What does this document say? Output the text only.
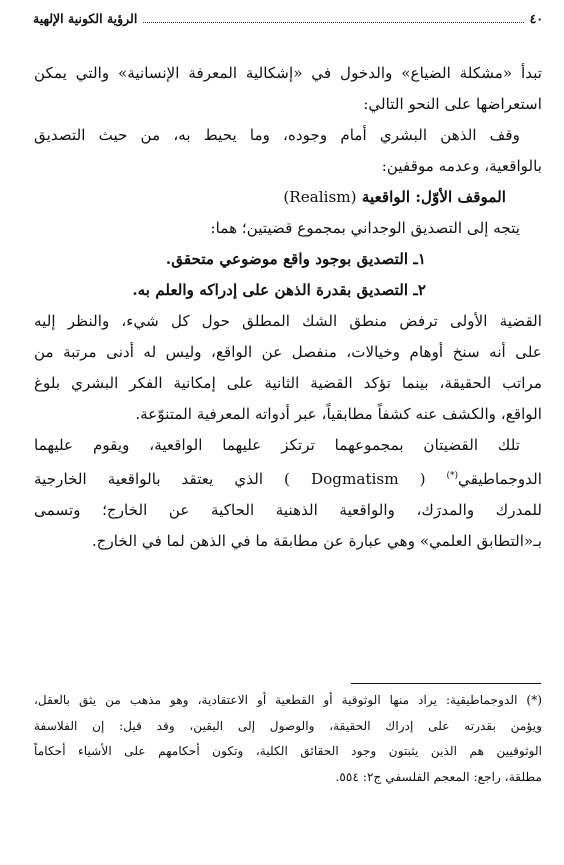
٤٠
الرؤية الكونية الإلهية

تبدأ «مشكلة الضياع» والدخول في «إشكالية المعرفة الإنسانية» والتي يمكن

استعراضها على النحو التالي:

وقف الذهن البشري أمام وجوده، وما يحيط به، من حيث التصديق

بالواقعية، وعدمه موقفين:

الموقف الأوّل: الواقعية (Realism)

يتجه إلى التصديق الوجداني بمجموع قضيتين؛ هما:

١ـ التصديق بوجود واقع موضوعي متحقق.

٢ـ التصديق بقدرة الذهن على إدراكه والعلم به.

القضية الأولى ترفض منطق الشك المطلق حول كل شيء، والنظر إليه

على أنه سنخ أوهام وخيالات، منفصل عن الواقع، وليس له أدنى مرتبة من

مراتب الحقيقة، بينما تؤكد القضية الثانية على إمكانية الفكر البشري بلوغ

الواقع، والكشف عنه كشفاً مطابقياً، عبر أدواته المعرفية المتنوّعة.

تلك القضيتان بمجموعهما ترتكز عليهما الواقعية، ويقوم عليهما

الدوجماطيقي(*) ( Dogmatism ) الذي يعتقد بالواقعية الخارجية

للمدرك والمدرَك، والواقعية الذهنية الحاكية عن الخارج؛ وتسمى

بـ«التطابق العلمي» وهي عبارة عن مطابقة ما في الذهن لما في الخارج.

(*) الدوجماطيقية: يراد منها الوثوقية أو القطعية أو الاعتقادية، وهو مذهب من يثق بالعقل،

ويؤمن بقدرته على إدراك الحقيقة، والوصول إلى اليقين، وقد قيل: إن الفلاسفة

الوثوقيين هم الذين يثبتون وجود الحقائق الكلية، وتكون أحكامهم على الأشياء أحكاماً

مطلقة، راجع: المعجم الفلسفي ج٢: ٥٥٤.
